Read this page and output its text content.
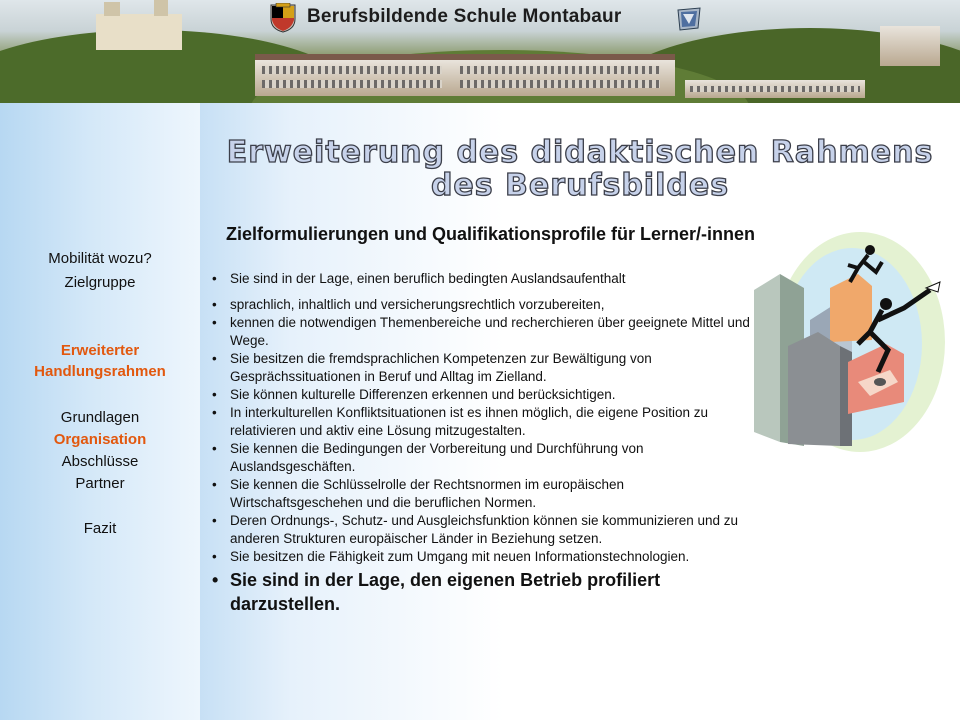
Berufsbildende Schule Montabaur
Mobilität wozu?
Zielgruppe
Erweiterter
Handlungsrahmen
Grundlagen
Organisation
Abschlüsse
Partner
Fazit
Erweiterung des didaktischen Rahmens
des Berufsbildes
Zielformulierungen und Qualifikationsprofile für Lerner/-innen
• Sie sind in der Lage, einen beruflich bedingten Auslandsaufenthalt
• sprachlich, inhaltlich und versicherungsrechtlich vorzubereiten,
• kennen die notwendigen Themenbereiche und recherchieren über geeignete Mittel und Wege.
• Sie besitzen die fremdsprachlichen Kompetenzen zur Bewältigung von Gesprächssituationen in Beruf und Alltag im Zielland.
• Sie können kulturelle Differenzen erkennen und berücksichtigen.
• In interkulturellen Konfliktsituationen ist es ihnen möglich, die eigene Position zu relativieren und aktiv eine Lösung mitzugestalten.
• Sie kennen die Bedingungen der Vorbereitung und Durchführung von Auslandsgeschäften.
• Sie kennen die Schlüsselrolle der Rechtsnormen im europäischen Wirtschaftsgeschehen und die beruflichen Normen.
• Deren Ordnungs-, Schutz- und Ausgleichsfunktion können sie kommunizieren und zu anderen Strukturen europäischer Länder in Beziehung setzen.
• Sie besitzen die Fähigkeit zum Umgang mit neuen Informationstechnologien.
• Sie sind in der Lage, den eigenen Betrieb profiliert darzustellen.
